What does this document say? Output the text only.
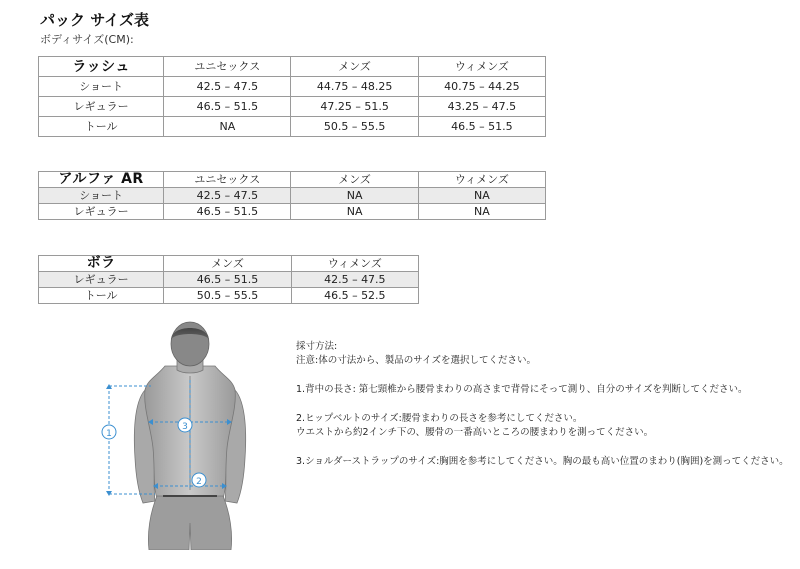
パック サイズ表
ボディサイズ(CM):
ラッシュ	ユニセックス	メンズ	ウィメンズ
ショート	42.5 – 47.5	44.75 – 48.25	40.75 – 44.25
レギュラー	46.5 – 51.5	47.25 – 51.5	43.25 – 47.5
トール	NA	50.5 – 55.5	46.5 – 51.5
アルファ AR	ユニセックス	メンズ	ウィメンズ
ショート	42.5 – 47.5	NA	NA
レギュラー	46.5 – 51.5	NA	NA
ボラ	メンズ	ウィメンズ
レギュラー	46.5 – 51.5	42.5 – 47.5
トール	50.5 – 55.5	46.5 – 52.5
1
3
2

採寸方法:

注意:体の寸法から、製品のサイズを選択してください。

1.背中の長さ: 第七頸椎から腰骨まわりの高さまで背骨にそって測り、自分のサイズを判断してください。

2.ヒップベルトのサイズ:腰骨まわりの長さを参考にしてください。

ウエストから約2インチ下の、腰骨の一番高いところの腰まわりを測ってください。

3.ショルダーストラップのサイズ:胸囲を参考にしてください。胸の最も高い位置のまわり(胸囲)を測ってください。
